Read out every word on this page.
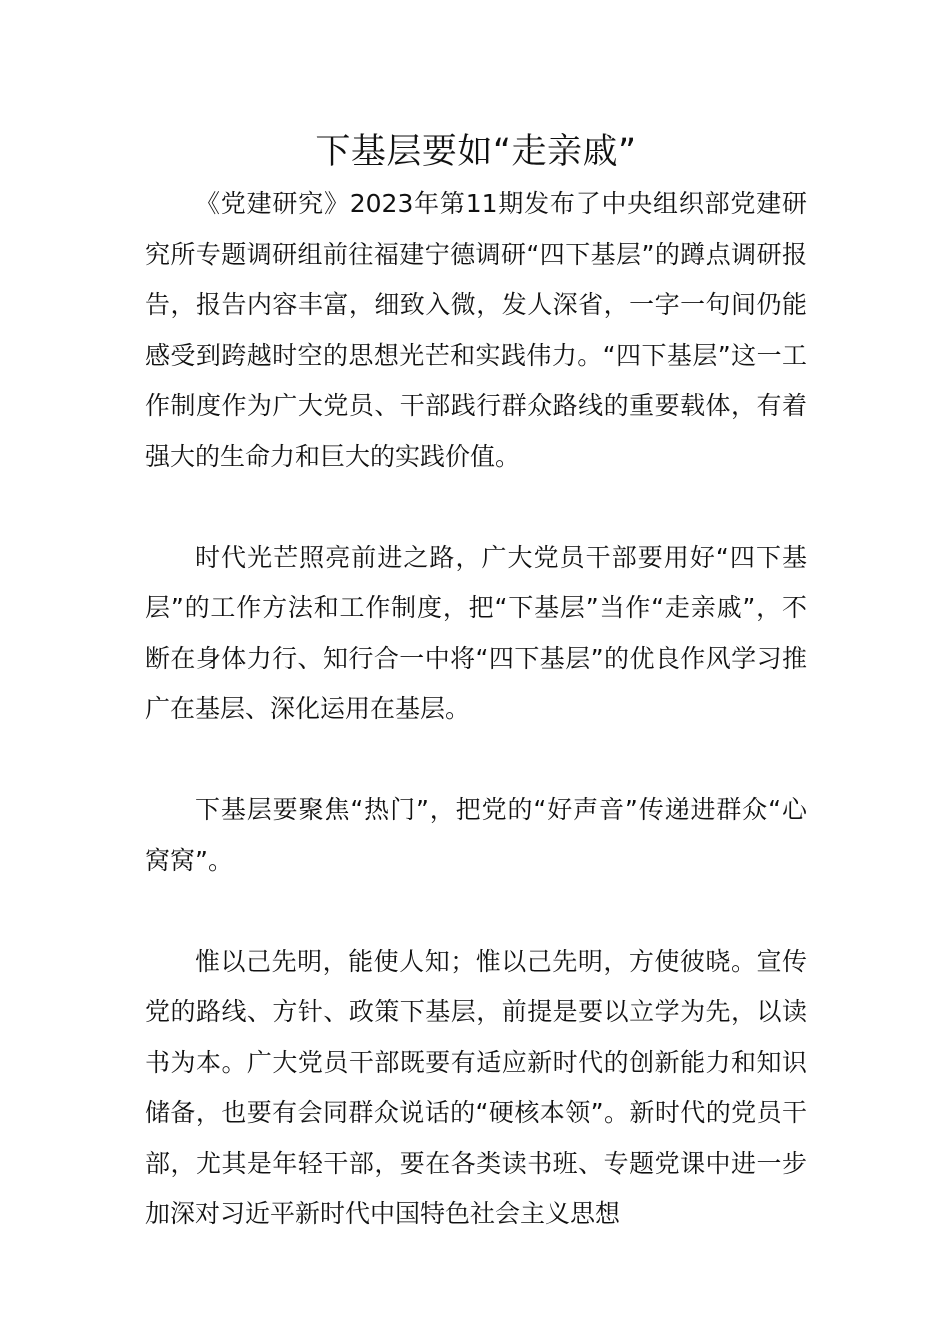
下基层要如“走亲戚”

《党建研究》2023年第11期发布了中央组织部党建研究所专题调研组前往福建宁德调研“四下基层”的蹲点调研报告，报告内容丰富，细致入微，发人深省，一字一句间仍能感受到跨越时空的思想光芒和实践伟力。“四下基层”这一工作制度作为广大党员、干部践行群众路线的重要载体，有着强大的生命力和巨大的实践价值。

时代光芒照亮前进之路，广大党员干部要用好“四下基层”的工作方法和工作制度，把“下基层”当作“走亲戚”，不断在身体力行、知行合一中将“四下基层”的优良作风学习推广在基层、深化运用在基层。

下基层要聚焦“热门”，把党的“好声音”传递进群众“心窝窝”。

惟以己先明，能使人知；惟以己先明，方使彼晓。宣传党的路线、方针、政策下基层，前提是要以立学为先，以读书为本。广大党员干部既要有适应新时代的创新能力和知识储备，也要有会同群众说话的“硬核本领”。新时代的党员干部，尤其是年轻干部，要在各类读书班、专题党课中进一步加深对习近平新时代中国特色社会主义思想
